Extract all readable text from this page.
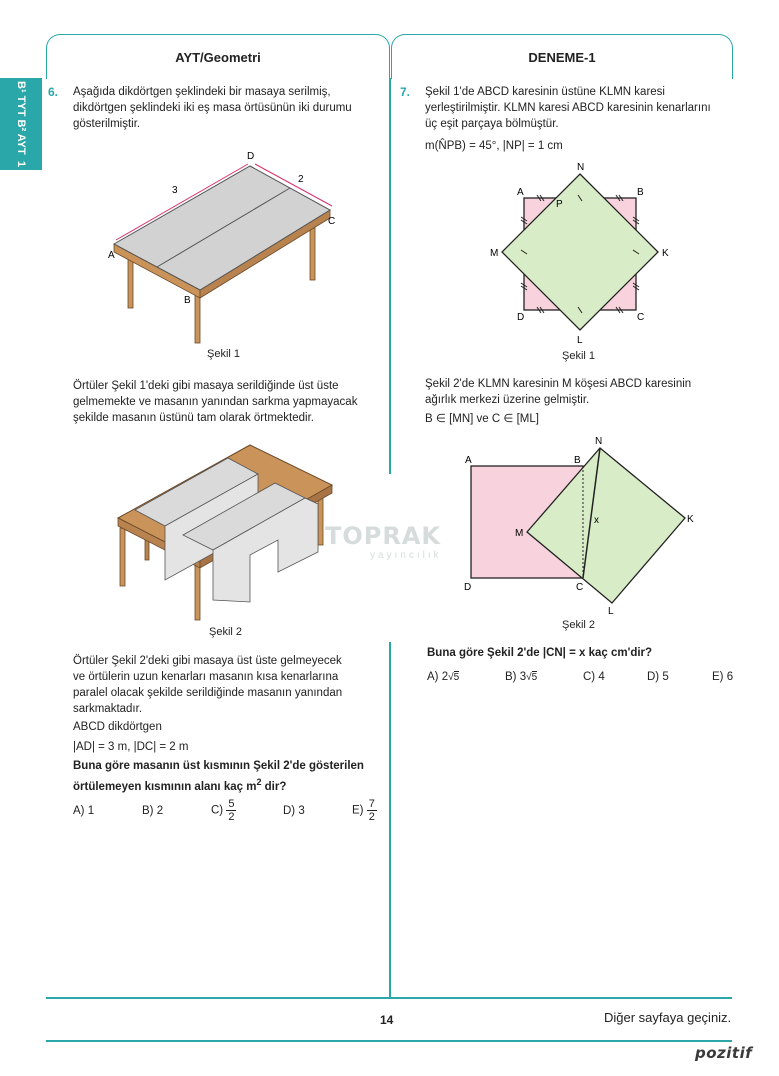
AYT/Geometri	DENEME-1
B¹ TYT B² AYT  1
6. Aşağıda dikdörtgen şeklindeki bir masaya serilmiş,
dikdörtgen şeklindeki iki eş masa örtüsünün iki durumu
gösterilmiştir.
D
A
B
C
3
2
Şekil 1
Örtüler Şekil 1'deki gibi masaya serildiğinde üst üste
gelmemekte ve masanın yanından sarkma yapmayacak
şekilde masanın üstünü tam olarak örtmektedir.
Şekil 2
Örtüler Şekil 2'deki gibi masaya üst üste gelmeyecek
ve örtülerin uzun kenarları masanın kısa kenarlarına
paralel olacak şekilde serildiğinde masanın yanından
sarkmaktadır.
ABCD dikdörtgen
|AD| = 3 m, |DC| = 2 m
Buna göre masanın üst kısmının Şekil 2'de gösterilen
örtülemeyen kısmının alanı kaç $m^2$ dir?
A) 1	B) 2	$C) \frac{5}{2}$	D) 3	$E) \frac{7}{2}$
7. Şekil 1'de ABCD karesinin üstüne KLMN karesi
yerleştirilmiştir. KLMN karesi ABCD karesinin kenarlarını
üç eşit parçaya bölmüştür.
m(N̂PB) = 45°, |NP| = 1 cm
N
A	B
P
M	K
D	C
L
Şekil 1
Şekil 2'de KLMN karesinin M köşesi ABCD karesinin
ağırlık merkezi üzerine gelmiştir.
B ∈ [MN] ve C ∈ [ML]
A	B
N
M
K
x
D	C
L
Şekil 2
Buna göre Şekil 2'de |CN| = x kaç cm'dir?
A) 2√5	B) 3√5	C) 4	D) 5	E) 6
TOPRAK
yayıncılık
14	Diğer sayfaya geçiniz.
pozitif
